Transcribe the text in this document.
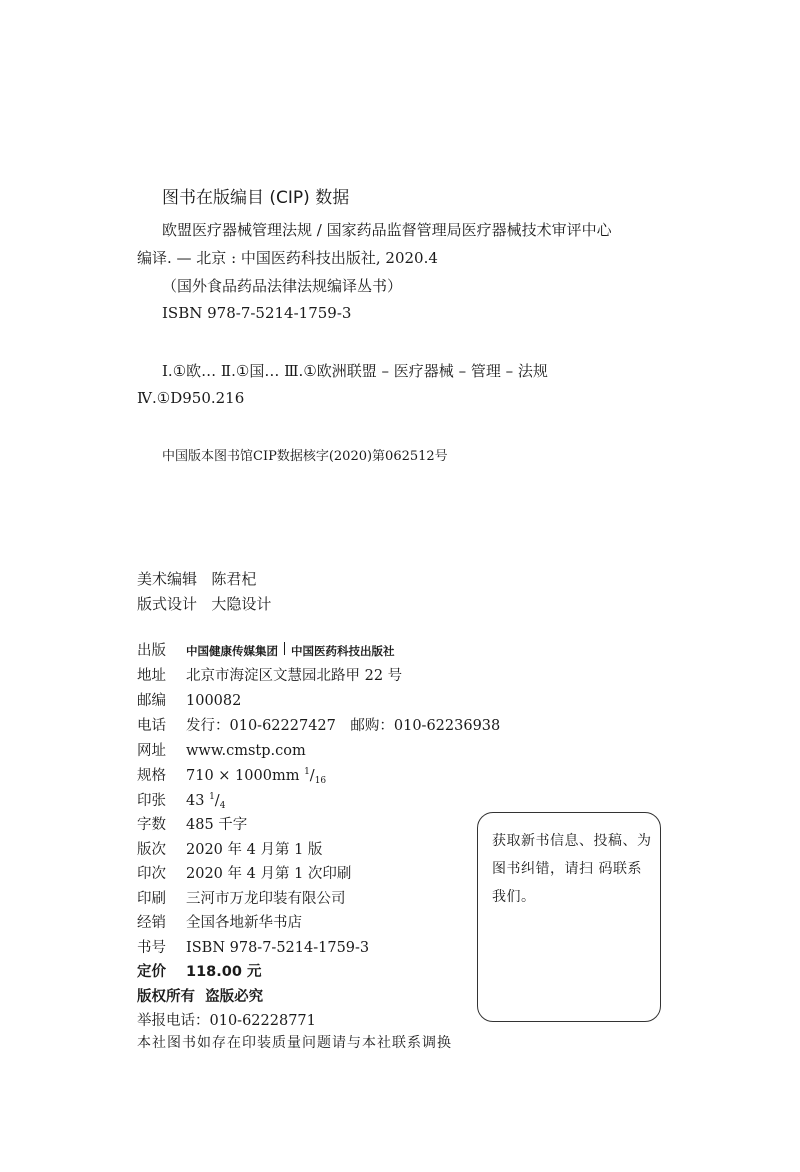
图书在版编目 (CIP) 数据
欧盟医疗器械管理法规 / 国家药品监督管理局医疗器械技术审评中心
编译. — 北京 : 中国医药科技出版社, 2020.4
（国外食品药品法律法规编译丛书）
ISBN 978-7-5214-1759-3
Ⅰ.①欧… Ⅱ.①国… Ⅲ.①欧洲联盟 – 医疗器械 – 管理 – 法规
Ⅳ.①D950.216
中国版本图书馆CIP数据核字(2020)第062512号
美术编辑 陈君杞
版式设计 大隐设计
出版	中国健康传媒集团 中国医药科技出版社
地址	北京市海淀区文慧园北路甲 22 号
邮编	100082
电话	发行：010-62227427　邮购：010-62236938
网址	www.cmstp.com
规格	710 × 1000mm $^1/_{16}$
印张	43 $^1/_4$
字数	485 千字
版次	2020 年 4 月第 1 版
印次	2020 年 4 月第 1 次印刷
印刷	三河市万龙印装有限公司
经销	全国各地新华书店
书号	ISBN 978-7-5214-1759-3
定价	118.00 元
版权所有
盗版必究
举报电话：010-62228771
本社图书如存在印装质量问题请与本社联系调换
获取新书信息、投稿、为图书纠错，请扫 码联系我们。
